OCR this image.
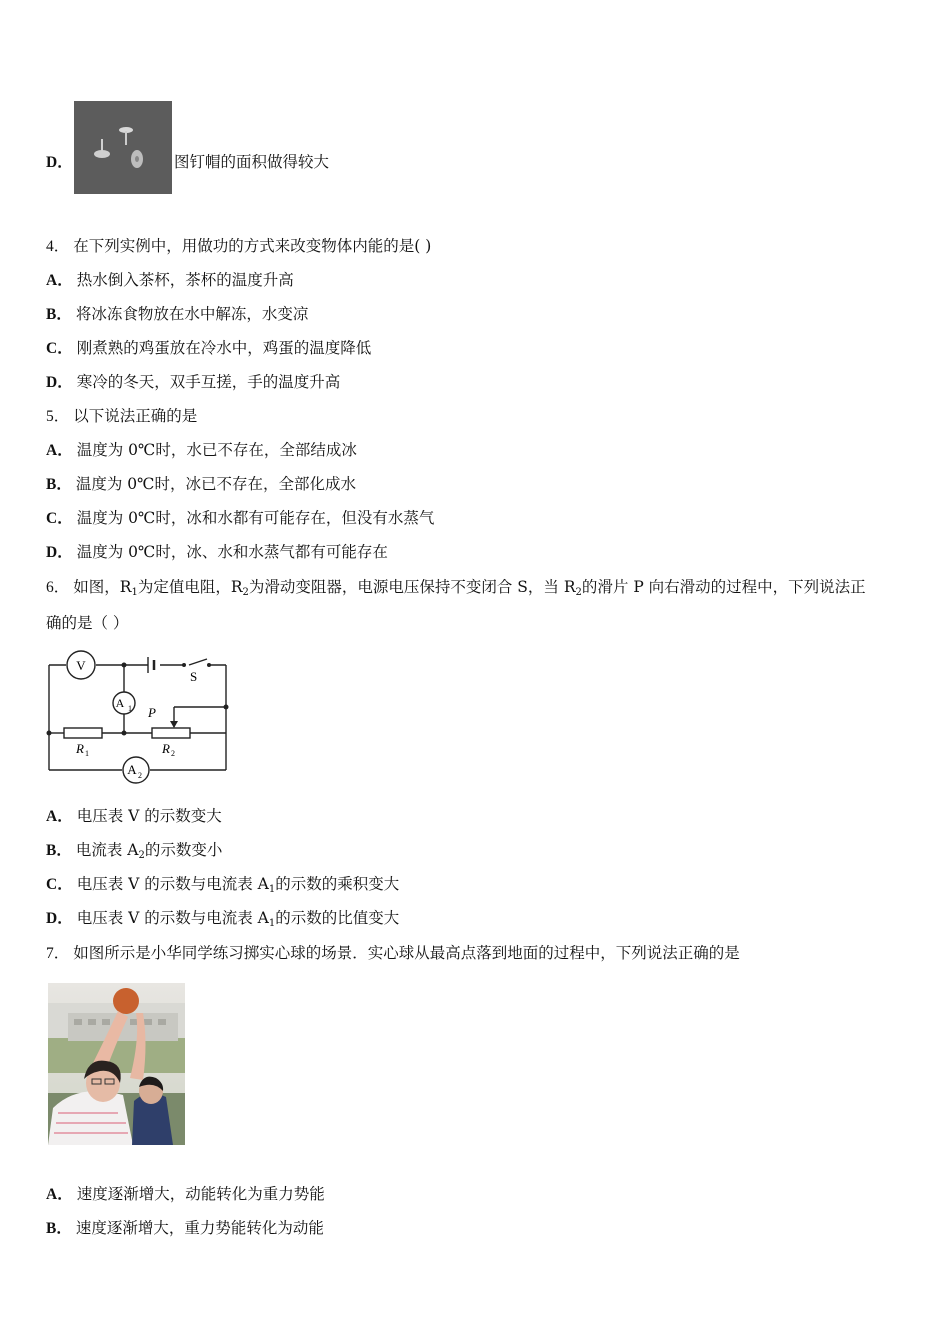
D．	图钉帽的面积做得较大
4． 在下列实例中，用做功的方式来改变物体内能的是( )
A． 热水倒入茶杯，茶杯的温度升高
B． 将冰冻食物放在水中解冻，水变凉
C． 刚煮熟的鸡蛋放在冷水中，鸡蛋的温度降低
D． 寒冷的冬天，双手互搓，手的温度升高
5． 以下说法正确的是
A． 温度为 0℃时，水已不存在，全部结成冰
B． 温度为 0℃时，冰已不存在，全部化成水
C． 温度为 0℃时，冰和水都有可能存在，但没有水蒸气
D． 温度为 0℃时，冰、水和水蒸气都有可能存在
6． 如图，$R_1$为定值电阻，$R_2$为滑动变阻器，电源电压保持不变闭合 S，当 $R_2$的滑片 P 向右滑动的过程中，下列说法正
确的是（ ）
V
A 1
A 2
S
P
R 1	R 2
A． 电压表 V 的示数变大
B． 电流表 $A_2$的示数变小
C． 电压表 V 的示数与电流表 $A_1$的示数的乘积变大
D． 电压表 V 的示数与电流表 $A_1$的示数的比值变大
7． 如图所示是小华同学练习掷实心球的场景．实心球从最高点落到地面的过程中，下列说法正确的是
A． 速度逐渐增大，动能转化为重力势能
B． 速度逐渐增大，重力势能转化为动能
